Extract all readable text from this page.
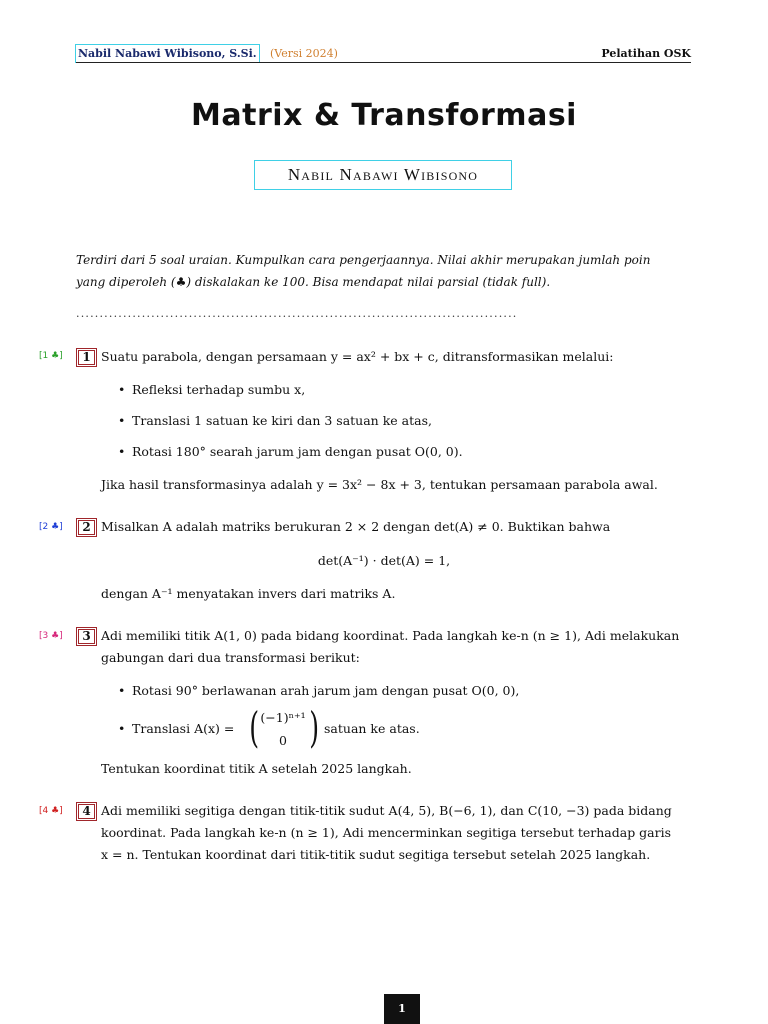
Nabil Nabawi Wibisono, S.Si. (Versi 2024)	Pelatihan OSK
Matrix & Transformasi
Nabil Nabawi Wibisono
Terdiri dari 5 soal uraian. Kumpulkan cara pengerjaannya. Nilai akhir merupakan jumlah poin
yang diperoleh (♣) diskalakan ke 100. Bisa mendapat nilai parsial (tidak full).
..............................................................................................
[1 ♣]	1 Suatu parabola, dengan persamaan y = ax² + bx + c, ditransformasikan melalui:
• Refleksi terhadap sumbu x,
• Translasi 1 satuan ke kiri dan 3 satuan ke atas,
• Rotasi 180° searah jarum jam dengan pusat O(0, 0).
Jika hasil transformasinya adalah y = 3x² − 8x + 3, tentukan persamaan parabola awal.
[2 ♣]	2 Misalkan A adalah matriks berukuran 2 × 2 dengan det(A) ≠ 0. Buktikan bahwa
det(A⁻¹) · det(A) = 1,
dengan A⁻¹ menyatakan invers dari matriks A.
[3 ♣]	3 Adi memiliki titik A(1, 0) pada bidang koordinat. Pada langkah ke-n (n ≥ 1), Adi melakukan
gabungan dari dua transformasi berikut:
• Rotasi 90° berlawanan arah jarum jam dengan pusat O(0, 0),
• Translasi A(x) = ( (−1)ⁿ⁺¹
0 ) satuan ke atas.
Tentukan koordinat titik A setelah 2025 langkah.
[4 ♣]	4 Adi memiliki segitiga dengan titik-titik sudut A(4, 5), B(−6, 1), dan C(10, −3) pada bidang
koordinat. Pada langkah ke-n (n ≥ 1), Adi mencerminkan segitiga tersebut terhadap garis
x = n. Tentukan koordinat dari titik-titik sudut segitiga tersebut setelah 2025 langkah.
1
